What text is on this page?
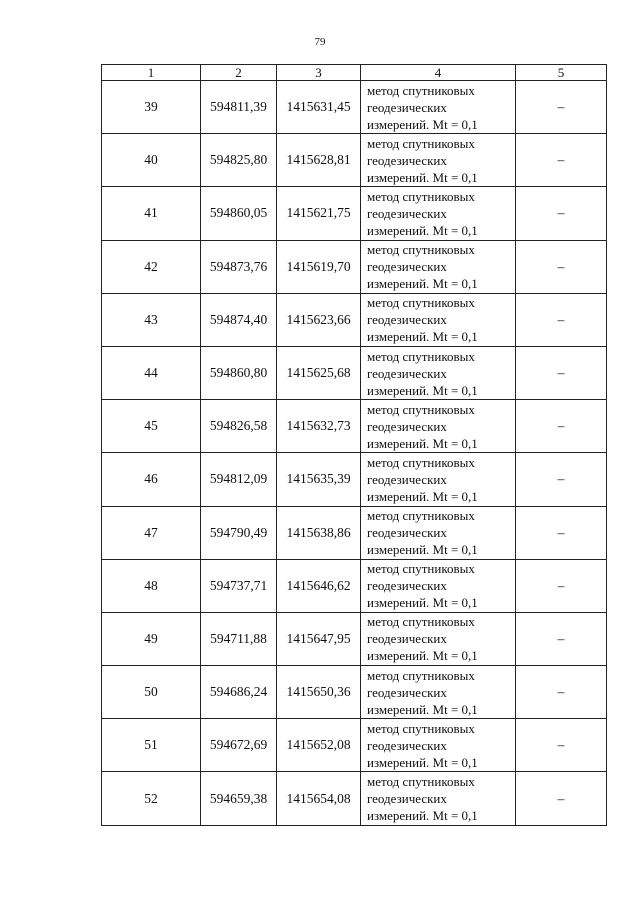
79
1	2	3	4	5
39	594811,39	1415631,45	метод спутниковых
геодезических
измерений. Mt = 0,1	–
40	594825,80	1415628,81	метод спутниковых
геодезических
измерений. Mt = 0,1	–
41	594860,05	1415621,75	метод спутниковых
геодезических
измерений. Mt = 0,1	–
42	594873,76	1415619,70	метод спутниковых
геодезических
измерений. Mt = 0,1	–
43	594874,40	1415623,66	метод спутниковых
геодезических
измерений. Mt = 0,1	–
44	594860,80	1415625,68	метод спутниковых
геодезических
измерений. Mt = 0,1	–
45	594826,58	1415632,73	метод спутниковых
геодезических
измерений. Mt = 0,1	–
46	594812,09	1415635,39	метод спутниковых
геодезических
измерений. Mt = 0,1	–
47	594790,49	1415638,86	метод спутниковых
геодезических
измерений. Mt = 0,1	–
48	594737,71	1415646,62	метод спутниковых
геодезических
измерений. Mt = 0,1	–
49	594711,88	1415647,95	метод спутниковых
геодезических
измерений. Mt = 0,1	–
50	594686,24	1415650,36	метод спутниковых
геодезических
измерений. Mt = 0,1	–
51	594672,69	1415652,08	метод спутниковых
геодезических
измерений. Mt = 0,1	–
52	594659,38	1415654,08	метод спутниковых
геодезических
измерений. Mt = 0,1	–
